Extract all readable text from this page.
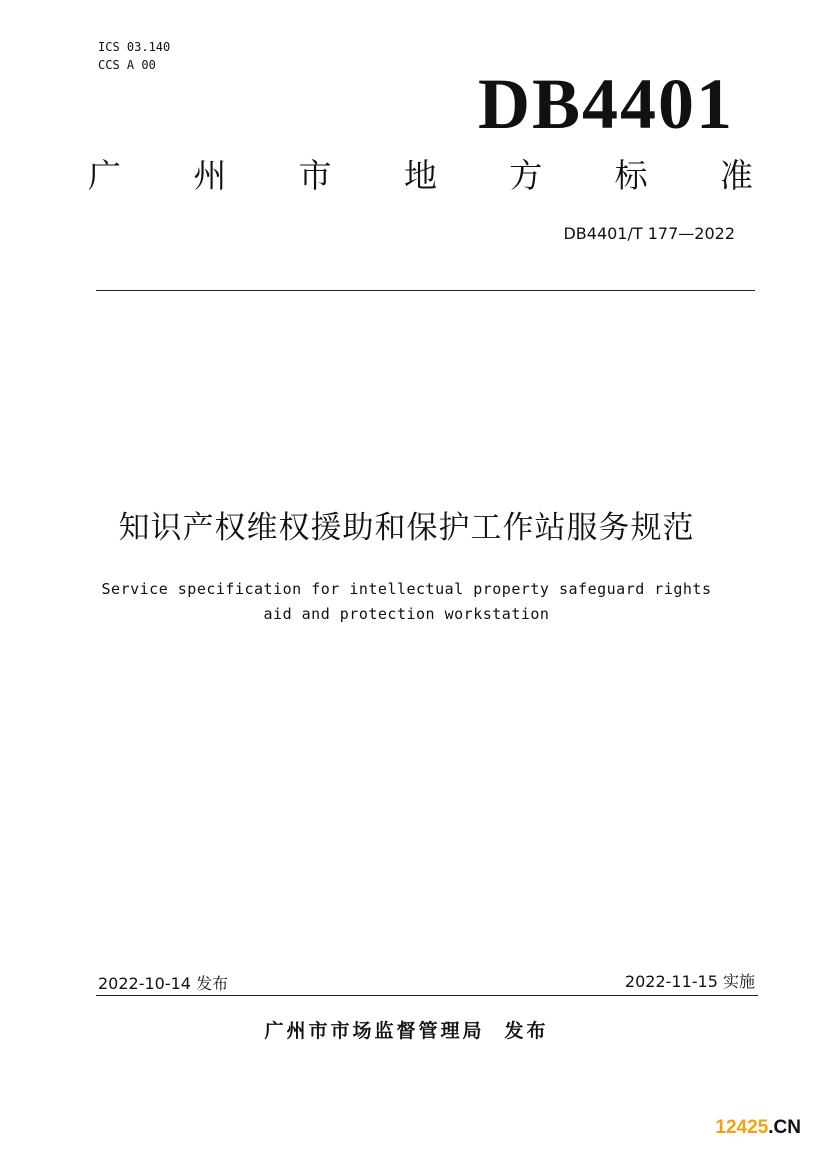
ICS 03.140
CCS A 00	DB4401
广 州 市 地 方 标 准
DB4401/T 177—2022
知识产权维权援助和保护工作站服务规范
Service specification for intellectual property safeguard rights
aid and protection workstation
2022-10-14 发布	2022-11-15 实施
广州市市场监督管理局 发布
12425.CN
